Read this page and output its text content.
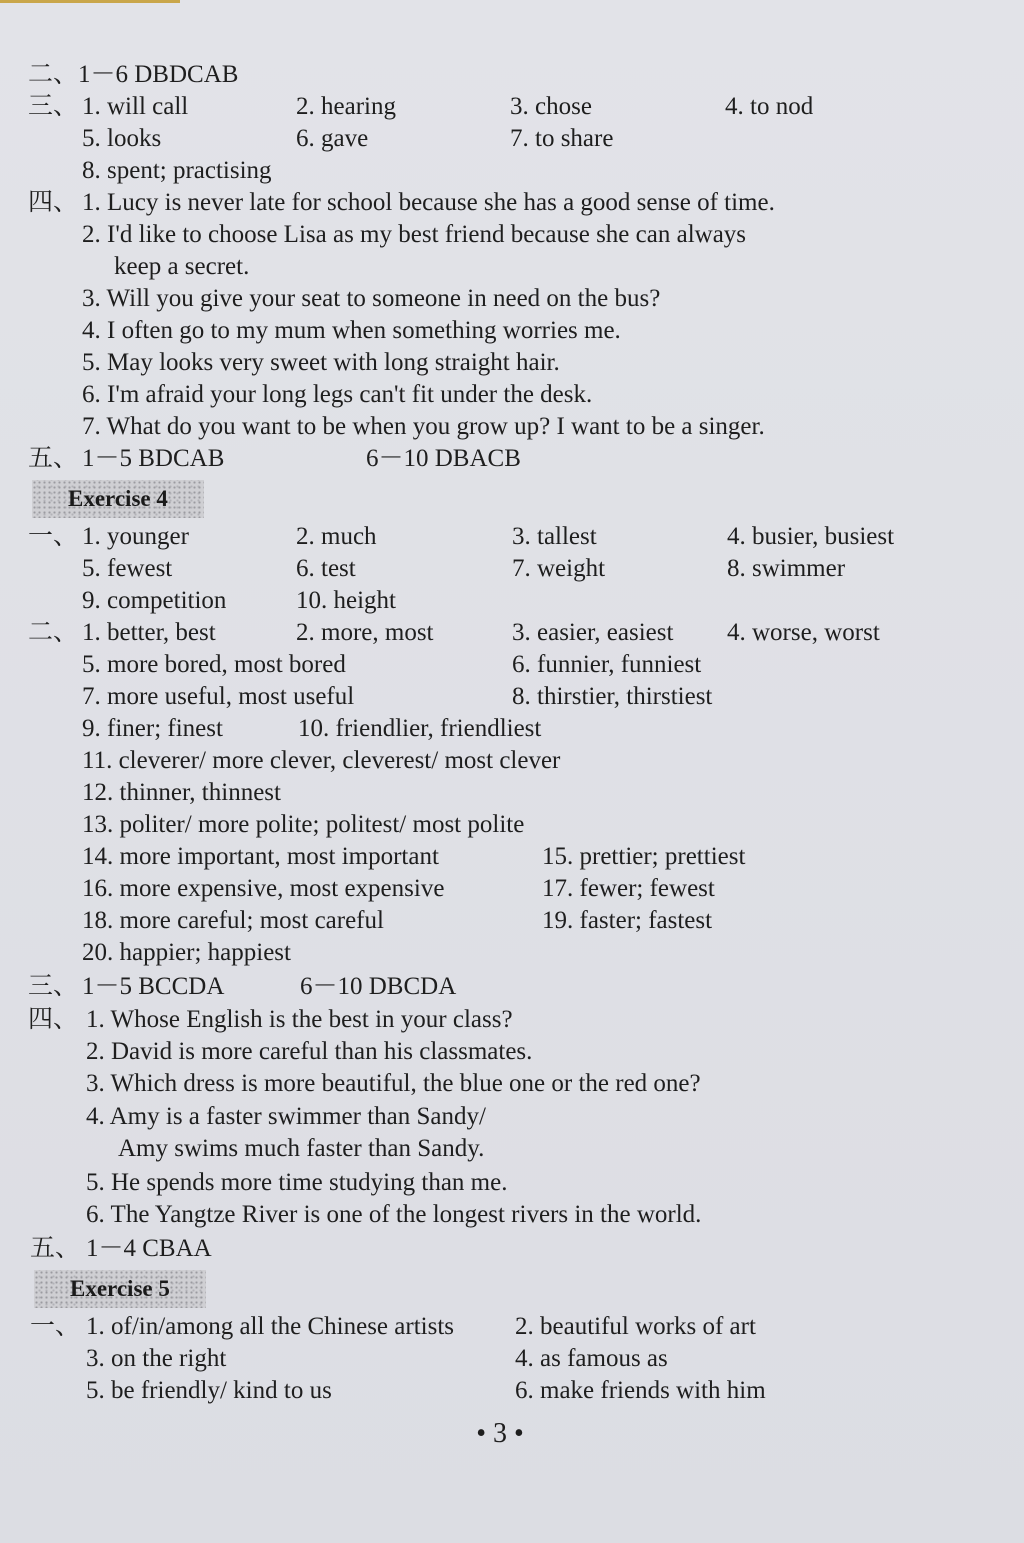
二、1－6 DBDCAB
三、 1. will call	2. hearing	3. chose	4. to nod
5. looks	6. gave	7. to share
8. spent; practising
四、 1. Lucy is never late for school because she has a good sense of time.
2. I'd like to choose Lisa as my best friend because she can always
keep a secret.
3. Will you give your seat to someone in need on the bus?
4. I often go to my mum when something worries me.
5. May looks very sweet with long straight hair.
6. I'm afraid your long legs can't fit under the desk.
7. What do you want to be when you grow up? I want to be a singer.
五、 1－5 BDCAB	6－10 DBACB
Exercise 4
一、 1. younger	2. much	3. tallest	4. busier, busiest
5. fewest	6. test	7. weight	8. swimmer
9. competition	10. height
二、 1. better, best	2. more, most	3. easier, easiest 4. worse, worst
5. more bored, most bored	6. funnier, funniest
7. more useful, most useful	8. thirstier, thirstiest
9. finer; finest	10. friendlier, friendliest
11. cleverer/ more clever, cleverest/ most clever
12. thinner, thinnest
13. politer/ more polite; politest/ most polite
14. more important, most important	15. prettier; prettiest
16. more expensive, most expensive	17. fewer; fewest
18. more careful; most careful	19. faster; fastest
20. happier; happiest
三、 1－5 BCCDA	6－10 DBCDA
四、 1. Whose English is the best in your class?
2. David is more careful than his classmates.
3. Which dress is more beautiful, the blue one or the red one?
4. Amy is a faster swimmer than Sandy/
Amy swims much faster than Sandy.
5. He spends more time studying than me.
6. The Yangtze River is one of the longest rivers in the world.
五、 1－4 CBAA
Exercise 5
一、 1. of/in/among all the Chinese artists 2. beautiful works of art
3. on the right	4. as famous as
5. be friendly/ kind to us	6. make friends with him
• 3 •
